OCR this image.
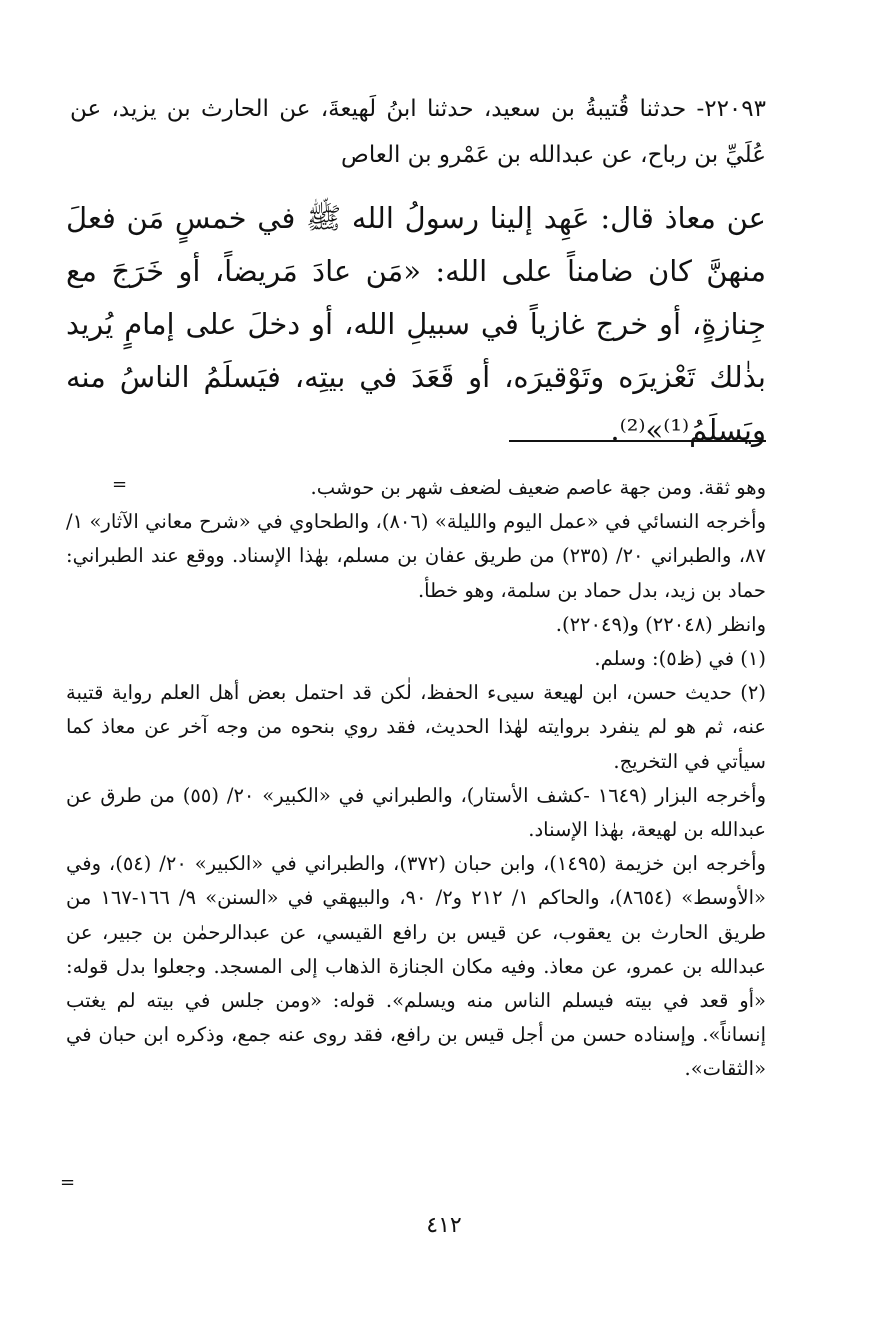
٢٢٠٩٣- حدثنا قُتيبةُ بن سعيد، حدثنا ابنُ لَهيعةَ، عن الحارث بن يزيد، عن عُلَيِّ بن رباح، عن عبدالله بن عَمْرو بن العاص
عن معاذ قال: عَهِد إلينا رسولُ الله ﷺ في خمسٍ مَن فعلَ منهنَّ كان ضامناً على الله: «مَن عادَ مَريضاً، أو خَرَجَ مع جِنازةٍ، أو خرج غازياً في سبيلِ الله، أو دخلَ على إمامٍ يُريد بذٰلك تَعْزيرَه وتَوْقيرَه، أو قَعَدَ في بيتِه، فيَسلَمُ الناسُ منه ويَسلَمُ⁽¹⁾»⁽²⁾.
=	وهو ثقة. ومن جهة عاصم ضعيف لضعف شهر بن حوشب.

وأخرجه النسائي في «عمل اليوم والليلة» (٨٠٦)، والطحاوي في «شرح معاني الآثار» ١/ ٨٧، والطبراني ٢٠/ (٢٣٥) من طريق عفان بن مسلم، بهٰذا الإسناد. ووقع عند الطبراني: حماد بن زيد، بدل حماد بن سلمة، وهو خطأ.

وانظر (٢٢٠٤٨) و(٢٢٠٤٩).

(١) في (ظ٥): وسلم.

(٢) حديث حسن، ابن لهيعة سيىء الحفظ، لٰكن قد احتمل بعض أهل العلم رواية قتيبة عنه، ثم هو لم ينفرد بروايته لهٰذا الحديث، فقد روي بنحوه من وجه آخر عن معاذ كما سيأتي في التخريج.

وأخرجه البزار (١٦٤٩ -كشف الأستار)، والطبراني في «الكبير» ٢٠/ (٥٥) من طرق عن عبدالله بن لهيعة، بهٰذا الإسناد.

وأخرجه ابن خزيمة (١٤٩٥)، وابن حبان (٣٧٢)، والطبراني في «الكبير» ٢٠/ (٥٤)، وفي «الأوسط» (٨٦٥٤)، والحاكم ١/ ٢١٢ و٢/ ٩٠، والبيهقي في «السنن» ٩/ ١٦٦-١٦٧ من طريق الحارث بن يعقوب، عن قيس بن رافع القيسي، عن عبدالرحمٰن بن جبير، عن عبدالله بن عمرو، عن معاذ. وفيه مكان الجنازة الذهاب إلى المسجد. وجعلوا بدل قوله: «أو قعد في بيته فيسلم الناس منه ويسلم». قوله: «ومن جلس في بيته لم يغتب إنساناً». وإسناده حسن من أجل قيس بن رافع، فقد روى عنه جمع، وذكره ابن حبان في «الثقات».

=
٤١٢
